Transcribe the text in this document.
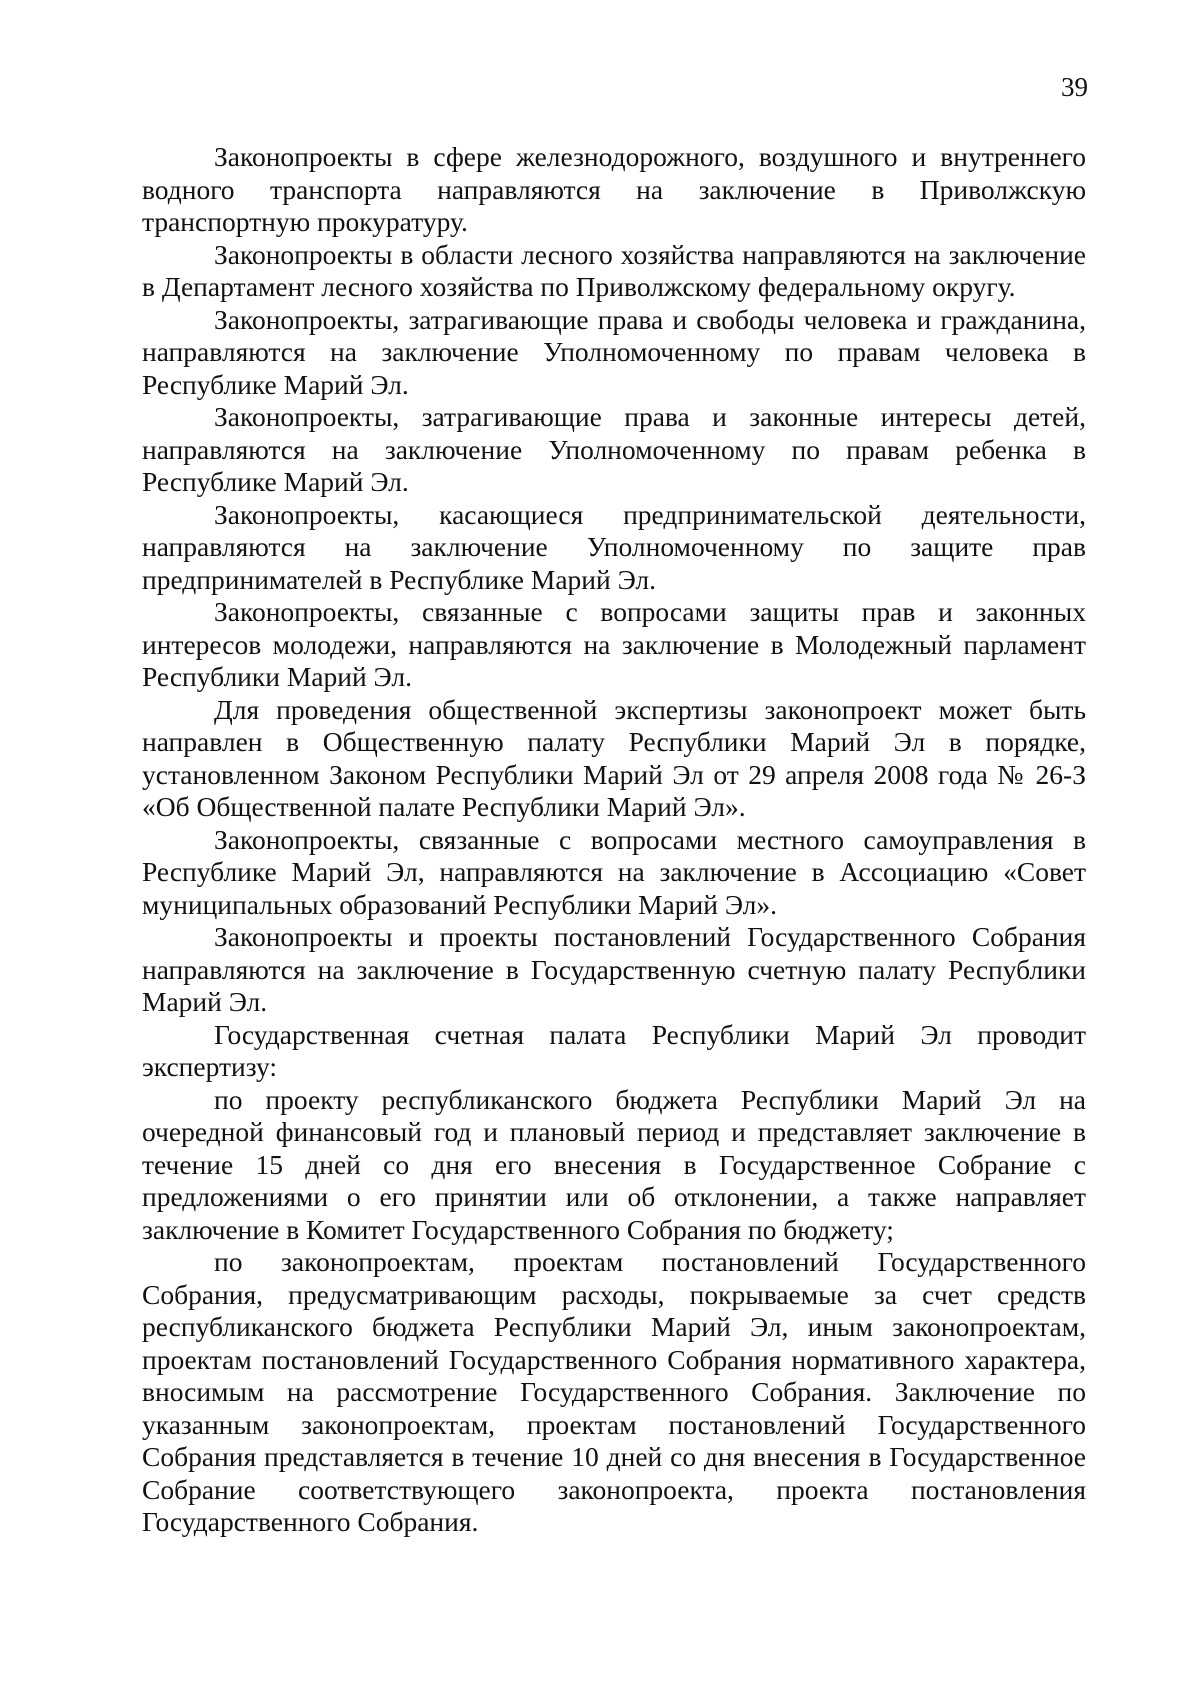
39

Законопроекты в сфере железнодорожного, воздушного и внутреннего водного транспорта направляются на заключение в Приволжскую транспортную прокуратуру.

Законопроекты в области лесного хозяйства направляются на заключение в Департамент лесного хозяйства по Приволжскому федеральному округу.

Законопроекты, затрагивающие права и свободы человека и гражданина, направляются на заключение Уполномоченному по правам человека в Республике Марий Эл.

Законопроекты, затрагивающие права и законные интересы детей, направляются на заключение Уполномоченному по правам ребенка в Республике Марий Эл.

Законопроекты, касающиеся предпринимательской деятельности, направляются на заключение Уполномоченному по защите прав предпринимателей в Республике Марий Эл.

Законопроекты, связанные с вопросами защиты прав и законных интересов молодежи, направляются на заключение в Молодежный парламент Республики Марий Эл.

Для проведения общественной экспертизы законопроект может быть направлен в Общественную палату Республики Марий Эл в порядке, установленном Законом Республики Марий Эл от 29 апреля 2008 года № 26-З «Об Общественной палате Республики Марий Эл».

Законопроекты, связанные с вопросами местного самоуправления в Республике Марий Эл, направляются на заключение в Ассоциацию «Совет муниципальных образований Республики Марий Эл».

Законопроекты и проекты постановлений Государственного Собрания направляются на заключение в Государственную счетную палату Республики Марий Эл.

Государственная счетная палата Республики Марий Эл проводит экспертизу:

по проекту республиканского бюджета Республики Марий Эл на очередной финансовый год и плановый период и представляет заключение в течение 15 дней со дня его внесения в Государственное Собрание с предложениями о его принятии или об отклонении, а также направляет заключение в Комитет Государственного Собрания по бюджету;

по законопроектам, проектам постановлений Государственного Собрания, предусматривающим расходы, покрываемые за счет средств республиканского бюджета Республики Марий Эл, иным законопроектам, проектам постановлений Государственного Собрания нормативного характера, вносимым на рассмотрение Государственного Собрания. Заключение по указанным законопроектам, проектам постановлений Государственного Собрания представляется в течение 10 дней со дня внесения в Государственное Собрание соответствующего законопроекта, проекта постановления Государственного Собрания.
